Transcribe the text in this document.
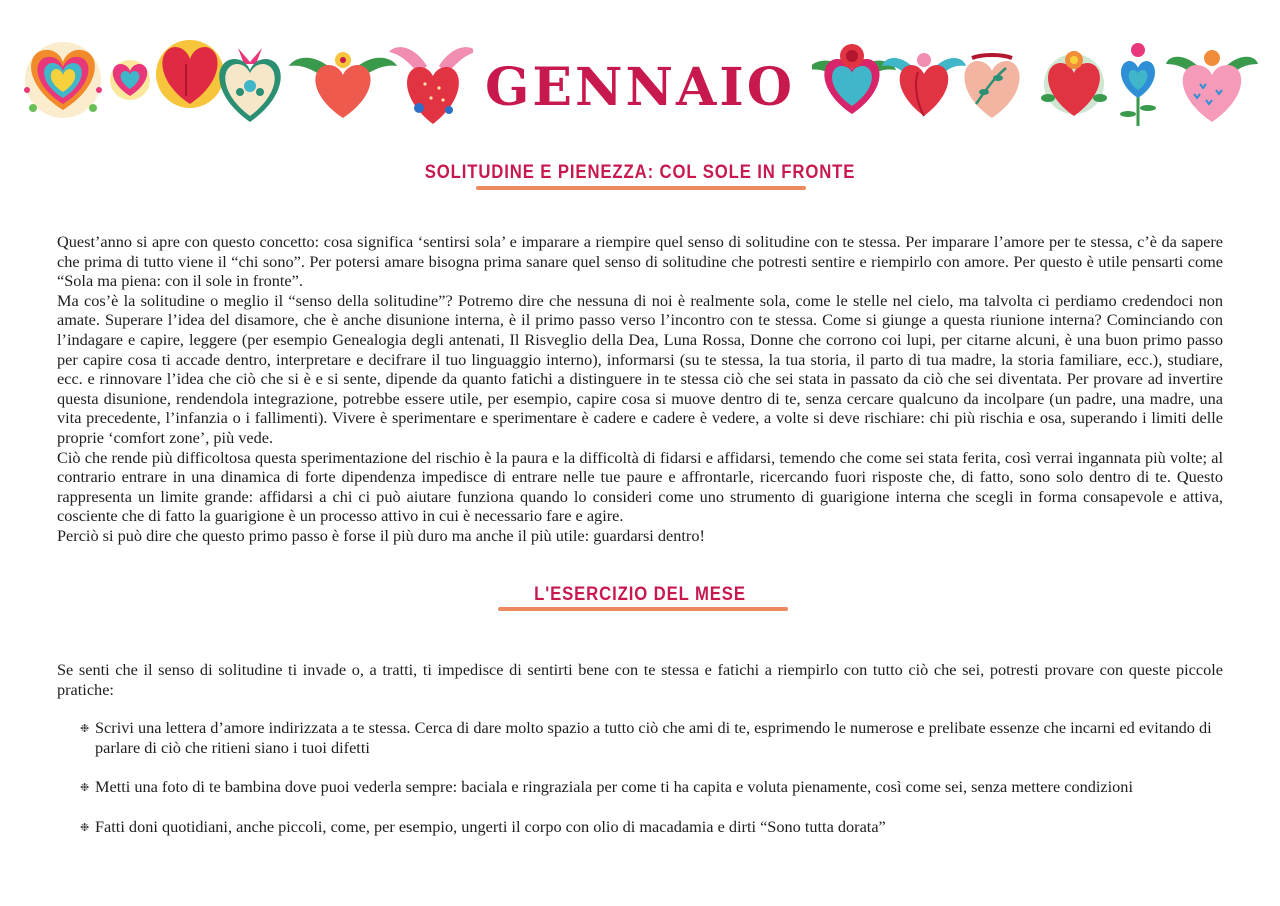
GENNAIO
SOLITUDINE E PIENEZZA: COL SOLE IN FRONTE

Quest’anno si apre con questo concetto: cosa significa ‘sentirsi sola’ e imparare a riempire quel senso di solitudine con te stessa. Per imparare l’amore per te stessa, c’è da sapere che prima di tutto viene il “chi sono”. Per potersi amare bisogna prima sanare quel senso di solitudine che potresti sentire e riempirlo con amore. Per questo è utile pensarti come “Sola ma piena: con il sole in fronte”.

Ma cos’è la solitudine o meglio il “senso della solitudine”? Potremo dire che nessuna di noi è realmente sola, come le stelle nel cielo, ma talvolta ci perdiamo credendoci non amate. Superare l’idea del disamore, che è anche disunione interna, è il primo passo verso l’incontro con te stessa. Come si giunge a questa riunione interna? Cominciando con l’indagare e capire, leggere (per esempio Genealogia degli antenati, Il Risveglio della Dea, Luna Rossa, Donne che corrono coi lupi, per citarne alcuni, è una buon primo passo per capire cosa ti accade dentro, interpretare e decifrare il tuo linguaggio interno), informarsi (su te stessa, la tua storia, il parto di tua madre, la storia familiare, ecc.), studiare, ecc. e rinnovare l’idea che ciò che si è e si sente, dipende da quanto fatichi a distinguere in te stessa ciò che sei stata in passato da ciò che sei diventata. Per provare ad invertire questa disunione, rendendola integrazione, potrebbe essere utile, per esempio, capire cosa si muove dentro di te, senza cercare qualcuno da incolpare (un padre, una madre, una vita precedente, l’infanzia o i fallimenti). Vivere è sperimentare e sperimentare è cadere e cadere è vedere, a volte si deve rischiare: chi più rischia e osa, superando i limiti delle proprie ‘comfort zone’, più vede.

Ciò che rende più difficoltosa questa sperimentazione del rischio è la paura e la difficoltà di fidarsi e affidarsi, temendo che come sei stata ferita, così verrai ingannata più volte; al contrario entrare in una dinamica di forte dipendenza impedisce di entrare nelle tue paure e affrontarle, ricercando fuori risposte che, di fatto, sono solo dentro di te. Questo rappresenta un limite grande: affidarsi a chi ci può aiutare funziona quando lo consideri come uno strumento di guarigione interna che scegli in forma consapevole e attiva, cosciente che di fatto la guarigione è un processo attivo in cui è necessario fare e agire.

Perciò si può dire che questo primo passo è forse il più duro ma anche il più utile: guardarsi dentro!

L'ESERCIZIO DEL MESE

Se senti che il senso di solitudine ti invade o, a tratti, ti impedisce di sentirti bene con te stessa e fatichi a riempirlo con tutto ciò che sei, potresti provare con queste piccole pratiche:

❉ Scrivi una lettera d’amore indirizzata a te stessa. Cerca di dare molto spazio a tutto ciò che ami di te, esprimendo le numerose e prelibate essenze che incarni ed evitando di parlare di ciò che ritieni siano i tuoi difetti
❉ Metti una foto di te bambina dove puoi vederla sempre: baciala e ringraziala per come ti ha capita e voluta pienamente, così come sei, senza mettere condizioni
❉ Fatti doni quotidiani, anche piccoli, come, per esempio, ungerti il corpo con olio di macadamia e dirti “Sono tutta dorata”
